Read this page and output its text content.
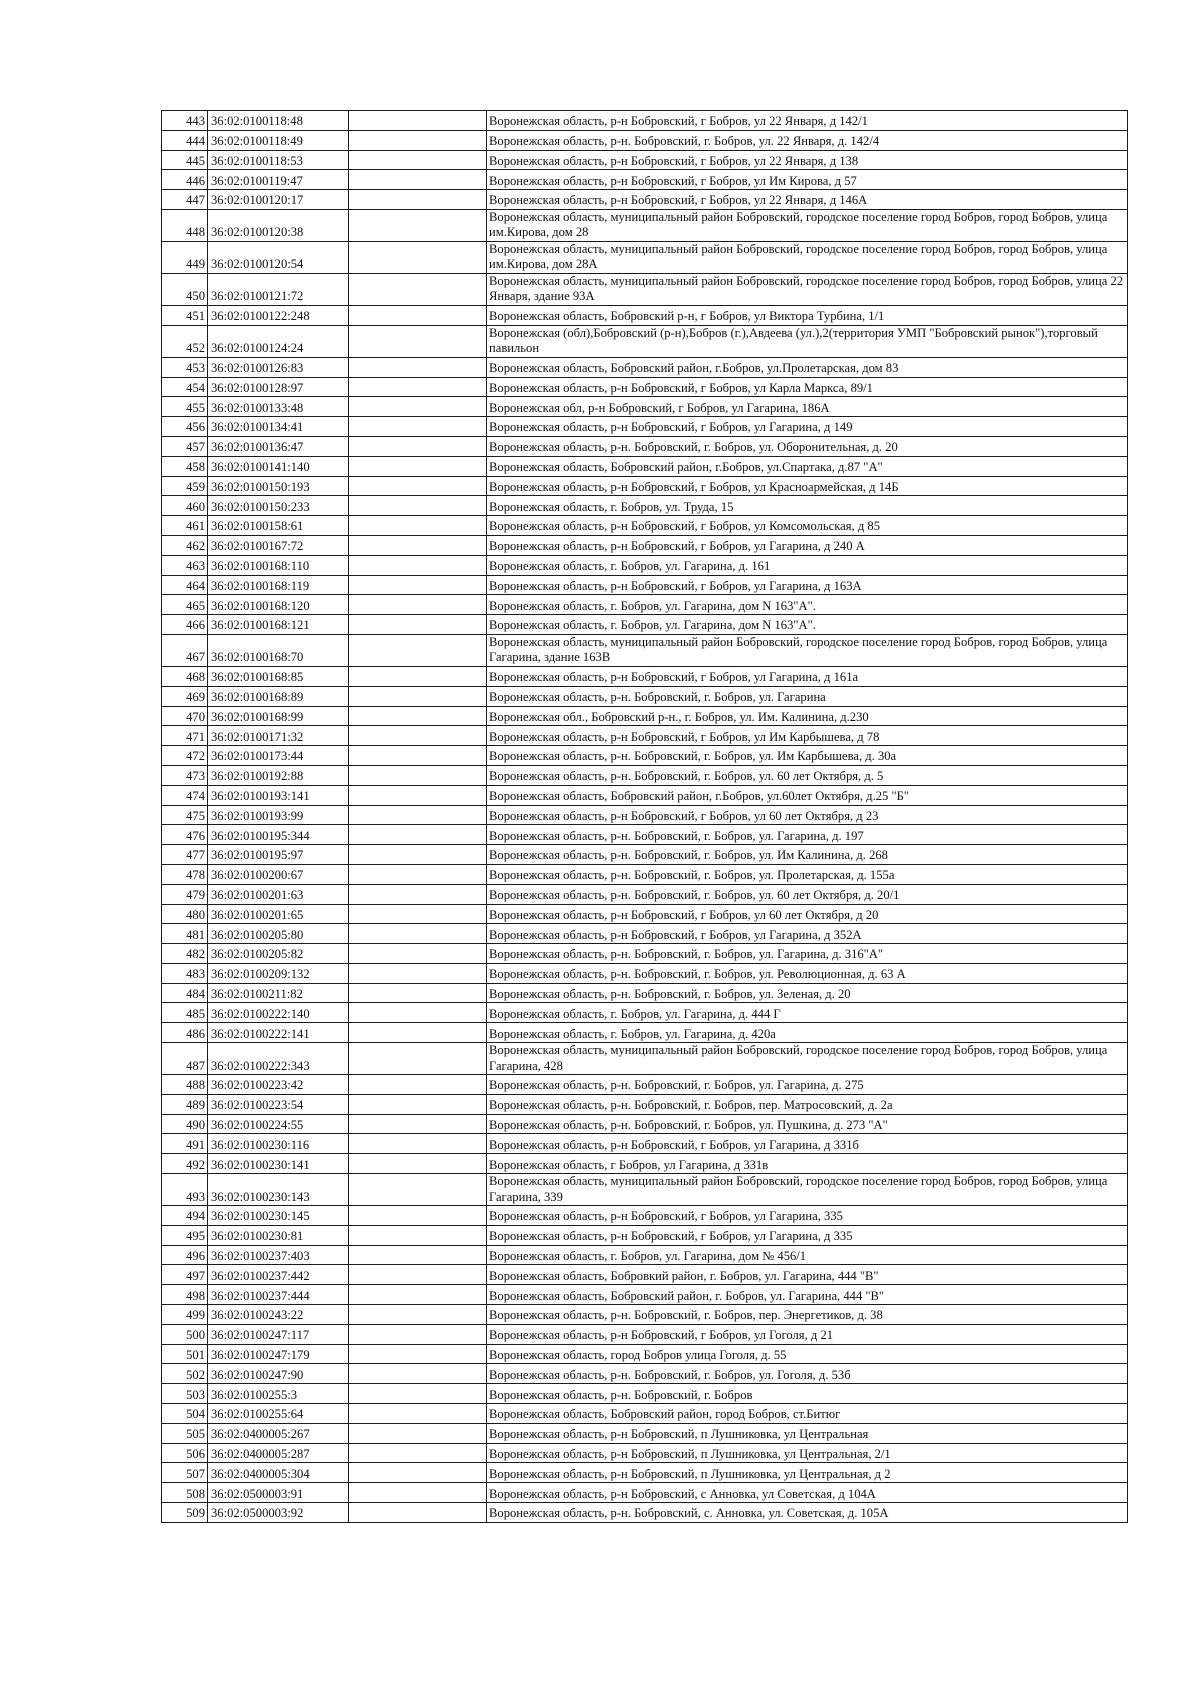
443	36:02:0100118:48		Воронежская область, р-н Бобровский, г Бобров, ул 22 Января, д 142/1
444	36:02:0100118:49		Воронежская область, р-н. Бобровский, г. Бобров, ул. 22 Января, д. 142/4
445	36:02:0100118:53		Воронежская область, р-н Бобровский, г Бобров, ул 22 Января, д 138
446	36:02:0100119:47		Воронежская область, р-н Бобровский, г Бобров, ул Им Кирова, д 57
447	36:02:0100120:17		Воронежская область, р-н Бобровский, г Бобров, ул 22 Января, д 146А
448	36:02:0100120:38		Воронежская область, муниципальный район Бобровский, городское поселение город Бобров, город Бобров, улица им.Кирова, дом 28
449	36:02:0100120:54		Воронежская область, муниципальный район Бобровский, городское поселение город Бобров, город Бобров, улица им.Кирова, дом 28А
450	36:02:0100121:72		Воронежская область, муниципальный район Бобровский, городское поселение город Бобров, город Бобров, улица 22 Января, здание 93А
451	36:02:0100122:248		Воронежская область, Бобровский р-н, г Бобров, ул Виктора Турбина, 1/1
452	36:02:0100124:24		Воронежская (обл),Бобровский (р-н),Бобров (г.),Авдеева (ул.),2(территория УМП "Бобровский рынок"),торговый павильон
453	36:02:0100126:83		Воронежская область, Бобровский район, г.Бобров, ул.Пролетарская, дом 83
454	36:02:0100128:97		Воронежская область, р-н Бобровский, г Бобров, ул Карла Маркса, 89/1
455	36:02:0100133:48		Воронежская обл, р-н Бобровский, г Бобров, ул Гагарина, 186А
456	36:02:0100134:41		Воронежская область, р-н Бобровский, г Бобров, ул Гагарина, д 149
457	36:02:0100136:47		Воронежская область, р-н. Бобровский, г. Бобров, ул. Оборонительная, д. 20
458	36:02:0100141:140		Воронежская область, Бобровский район, г.Бобров, ул.Спартака, д.87 "А"
459	36:02:0100150:193		Воронежская область, р-н Бобровский, г Бобров, ул Красноармейская, д 14Б
460	36:02:0100150:233		Воронежская область, г. Бобров, ул. Труда, 15
461	36:02:0100158:61		Воронежская область, р-н Бобровский, г Бобров, ул Комсомольская, д 85
462	36:02:0100167:72		Воронежская область, р-н Бобровский, г Бобров, ул Гагарина, д 240 А
463	36:02:0100168:110		Воронежская область, г. Бобров, ул. Гагарина, д. 161
464	36:02:0100168:119		Воронежская область, р-н Бобровский, г Бобров, ул Гагарина, д 163А
465	36:02:0100168:120		Воронежская область, г. Бобров, ул. Гагарина, дом N 163"А".
466	36:02:0100168:121		Воронежская область, г. Бобров, ул. Гагарина, дом N 163"А".
467	36:02:0100168:70		Воронежская область, муниципальный район Бобровский, городское поселение город Бобров, город Бобров, улица Гагарина, здание 163В
468	36:02:0100168:85		Воронежская область, р-н Бобровский, г Бобров, ул Гагарина, д 161а
469	36:02:0100168:89		Воронежская область, р-н. Бобровский, г. Бобров, ул. Гагарина
470	36:02:0100168:99		Воронежская обл., Бобровский р-н., г. Бобров, ул. Им. Калинина, д.230
471	36:02:0100171:32		Воронежская область, р-н Бобровский, г Бобров, ул Им Карбышева, д 78
472	36:02:0100173:44		Воронежская область, р-н. Бобровский, г. Бобров, ул. Им Карбышева, д. 30а
473	36:02:0100192:88		Воронежская область, р-н. Бобровский, г. Бобров, ул. 60 лет Октября, д. 5
474	36:02:0100193:141		Воронежская область, Бобровский район, г.Бобров, ул.60лет Октября, д.25 "Б"
475	36:02:0100193:99		Воронежская область, р-н Бобровский, г Бобров, ул 60 лет Октября, д 23
476	36:02:0100195:344		Воронежская область, р-н. Бобровский, г. Бобров, ул. Гагарина, д. 197
477	36:02:0100195:97		Воронежская область, р-н. Бобровский, г. Бобров, ул. Им Калинина, д. 268
478	36:02:0100200:67		Воронежская область, р-н. Бобровский, г. Бобров, ул. Пролетарская, д. 155а
479	36:02:0100201:63		Воронежская область, р-н. Бобровский, г. Бобров, ул. 60 лет Октября, д. 20/1
480	36:02:0100201:65		Воронежская область, р-н Бобровский, г Бобров, ул 60 лет Октября, д 20
481	36:02:0100205:80		Воронежская область, р-н Бобровский, г Бобров, ул Гагарина, д 352А
482	36:02:0100205:82		Воронежская область, р-н. Бобровский, г. Бобров, ул. Гагарина, д. 316"А"
483	36:02:0100209:132		Воронежская область, р-н. Бобровский, г. Бобров, ул. Революционная, д. 63 А
484	36:02:0100211:82		Воронежская область, р-н. Бобровский, г. Бобров, ул. Зеленая, д. 20
485	36:02:0100222:140		Воронежская область, г. Бобров, ул. Гагарина, д. 444 Г
486	36:02:0100222:141		Воронежская область, г. Бобров, ул. Гагарина, д. 420а
487	36:02:0100222:343		Воронежская область, муниципальный район Бобровский, городское поселение город Бобров, город Бобров, улица Гагарина, 428
488	36:02:0100223:42		Воронежская область, р-н. Бобровский, г. Бобров, ул. Гагарина, д. 275
489	36:02:0100223:54		Воронежская область, р-н. Бобровский, г. Бобров, пер. Матросовский, д. 2а
490	36:02:0100224:55		Воронежская область, р-н. Бобровский, г. Бобров, ул. Пушкина, д. 273 "А"
491	36:02:0100230:116		Воронежская область, р-н Бобровский, г Бобров, ул Гагарина, д 331б
492	36:02:0100230:141		Воронежская область, г Бобров, ул Гагарина, д 331в
493	36:02:0100230:143		Воронежская область, муниципальный район Бобровский, городское поселение город Бобров, город Бобров, улица Гагарина, 339
494	36:02:0100230:145		Воронежская область, р-н Бобровский, г Бобров, ул Гагарина, 335
495	36:02:0100230:81		Воронежская область, р-н Бобровский, г Бобров, ул Гагарина, д 335
496	36:02:0100237:403		Воронежская область, г. Бобров, ул. Гагарина, дом № 456/1
497	36:02:0100237:442		Воронежская область, Бобровкий район, г. Бобров, ул. Гагарина, 444 "В"
498	36:02:0100237:444		Воронежская область, Бобровский район, г. Бобров, ул. Гагарина, 444 "В"
499	36:02:0100243:22		Воронежская область, р-н. Бобровский, г. Бобров, пер. Энергетиков, д. 38
500	36:02:0100247:117		Воронежская область, р-н Бобровский, г Бобров, ул Гоголя, д 21
501	36:02:0100247:179		Воронежская область, город Бобров улица Гоголя, д. 55
502	36:02:0100247:90		Воронежская область, р-н. Бобровский, г. Бобров, ул. Гоголя, д. 53б
503	36:02:0100255:3		Воронежская область, р-н. Бобровский, г. Бобров
504	36:02:0100255:64		Воронежская область, Бобровский район, город Бобров, ст.Битюг
505	36:02:0400005:267		Воронежская область, р-н Бобровский, п Лушниковка, ул Центральная
506	36:02:0400005:287		Воронежская область, р-н Бобровский, п Лушниковка, ул Центральная, 2/1
507	36:02:0400005:304		Воронежская область, р-н Бобровский, п Лушниковка, ул Центральная, д 2
508	36:02:0500003:91		Воронежская область, р-н Бобровский, с Анновка, ул Советская, д 104А
509	36:02:0500003:92		Воронежская область, р-н. Бобровский, с. Анновка, ул. Советская, д. 105А
